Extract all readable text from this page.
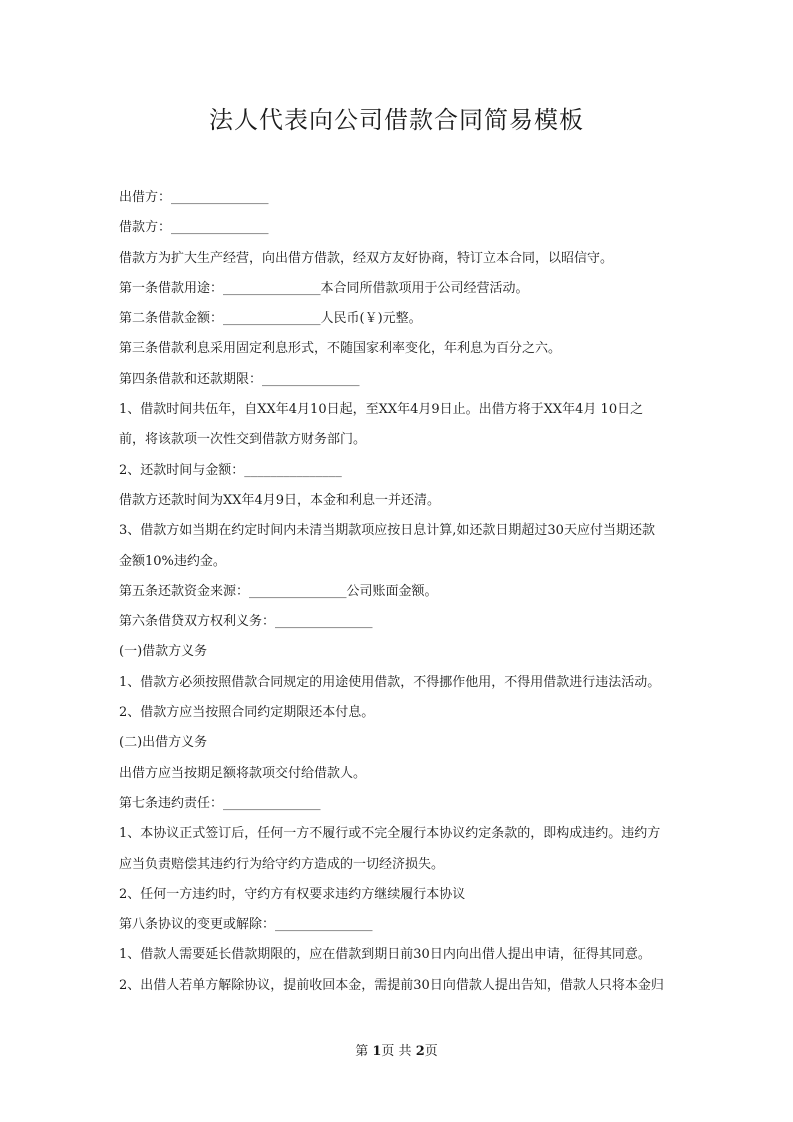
法人代表向公司借款合同简易模板
出借方：_______________
借款方：_______________
借款方为扩大生产经营，向出借方借款，经双方友好协商，特订立本合同，以昭信守。
第一条借款用途：_______________本合同所借款项用于公司经营活动。
第二条借款金额：_______________人民币(￥)元整。
第三条借款利息采用固定利息形式，不随国家利率变化，年利息为百分之六。
第四条借款和还款期限：_______________
1、借款时间共伍年，自XX年4月10日起，至XX年4月9日止。出借方将于XX年4月 10日之
前，将该款项一次性交到借款方财务部门。
2、还款时间与金额：_______________
借款方还款时间为XX年4月9日，本金和利息一并还清。
3、借款方如当期在约定时间内未清当期款项应按日息计算,如还款日期超过30天应付当期还款
金额10%违约金。
第五条还款资金来源：_______________公司账面金额。
第六条借贷双方权利义务：_______________
(一)借款方义务
1、借款方必须按照借款合同规定的用途使用借款，不得挪作他用，不得用借款进行违法活动。
2、借款方应当按照合同约定期限还本付息。
(二)出借方义务
出借方应当按期足额将款项交付给借款人。
第七条违约责任：_______________
1、本协议正式签订后，任何一方不履行或不完全履行本协议约定条款的，即构成违约。违约方
应当负责赔偿其违约行为给守约方造成的一切经济损失。
2、任何一方违约时，守约方有权要求违约方继续履行本协议
第八条协议的变更或解除：_______________
1、借款人需要延长借款期限的，应在借款到期日前30日内向出借人提出申请，征得其同意。
2、出借人若单方解除协议，提前收回本金，需提前30日向借款人提出告知，借款人只将本金归
第 1页 共 2页
